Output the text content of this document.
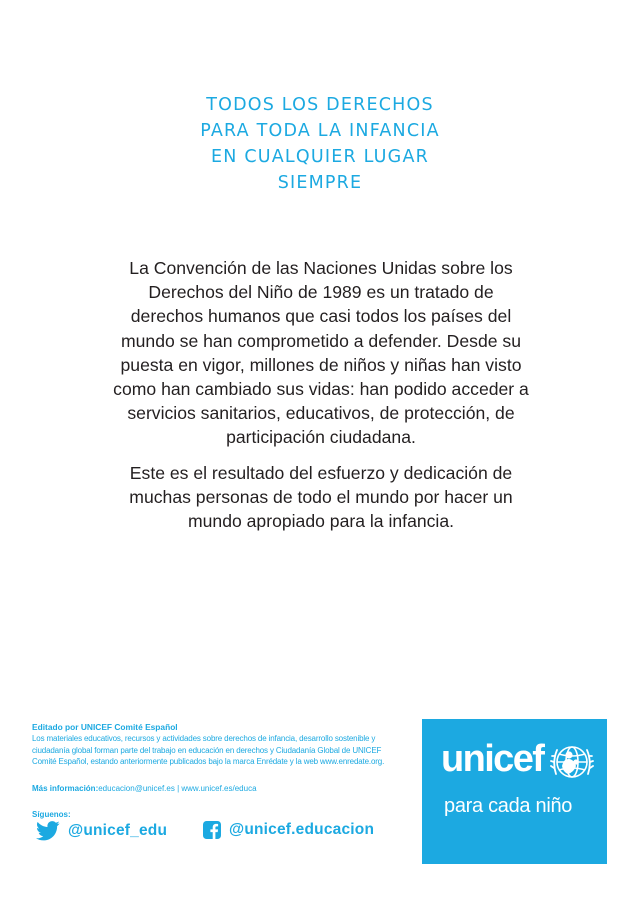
TODOS LOS DERECHOS
PARA TODA LA INFANCIA
EN CUALQUIER LUGAR
SIEMPRE
La Convención de las Naciones Unidas sobre los Derechos del Niño de 1989 es un tratado de derechos humanos que casi todos los países del mundo se han comprometido a defender. Desde su puesta en vigor, millones de niños y niñas han visto como han cambiado sus vidas: han podido acceder a servicios sanitarios, educativos, de protección, de participación ciudadana.
Este es el resultado del esfuerzo y dedicación de muchas personas de todo el mundo por hacer un mundo apropiado para la infancia.
Editado por UNICEF Comité Español
Los materiales educativos, recursos y actividades sobre derechos de infancia, desarrollo sostenible y ciudadanía global forman parte del trabajo en educación en derechos y Ciudadanía Global de UNICEF Comité Español, estando anteriormente publicados bajo la marca Enrédate y la web www.enredate.org.
Más información:educacion@unicef.es | www.unicef.es/educa
Síguenos:
@unicef_edu	@unicef.educacion
unicef
para cada niño
